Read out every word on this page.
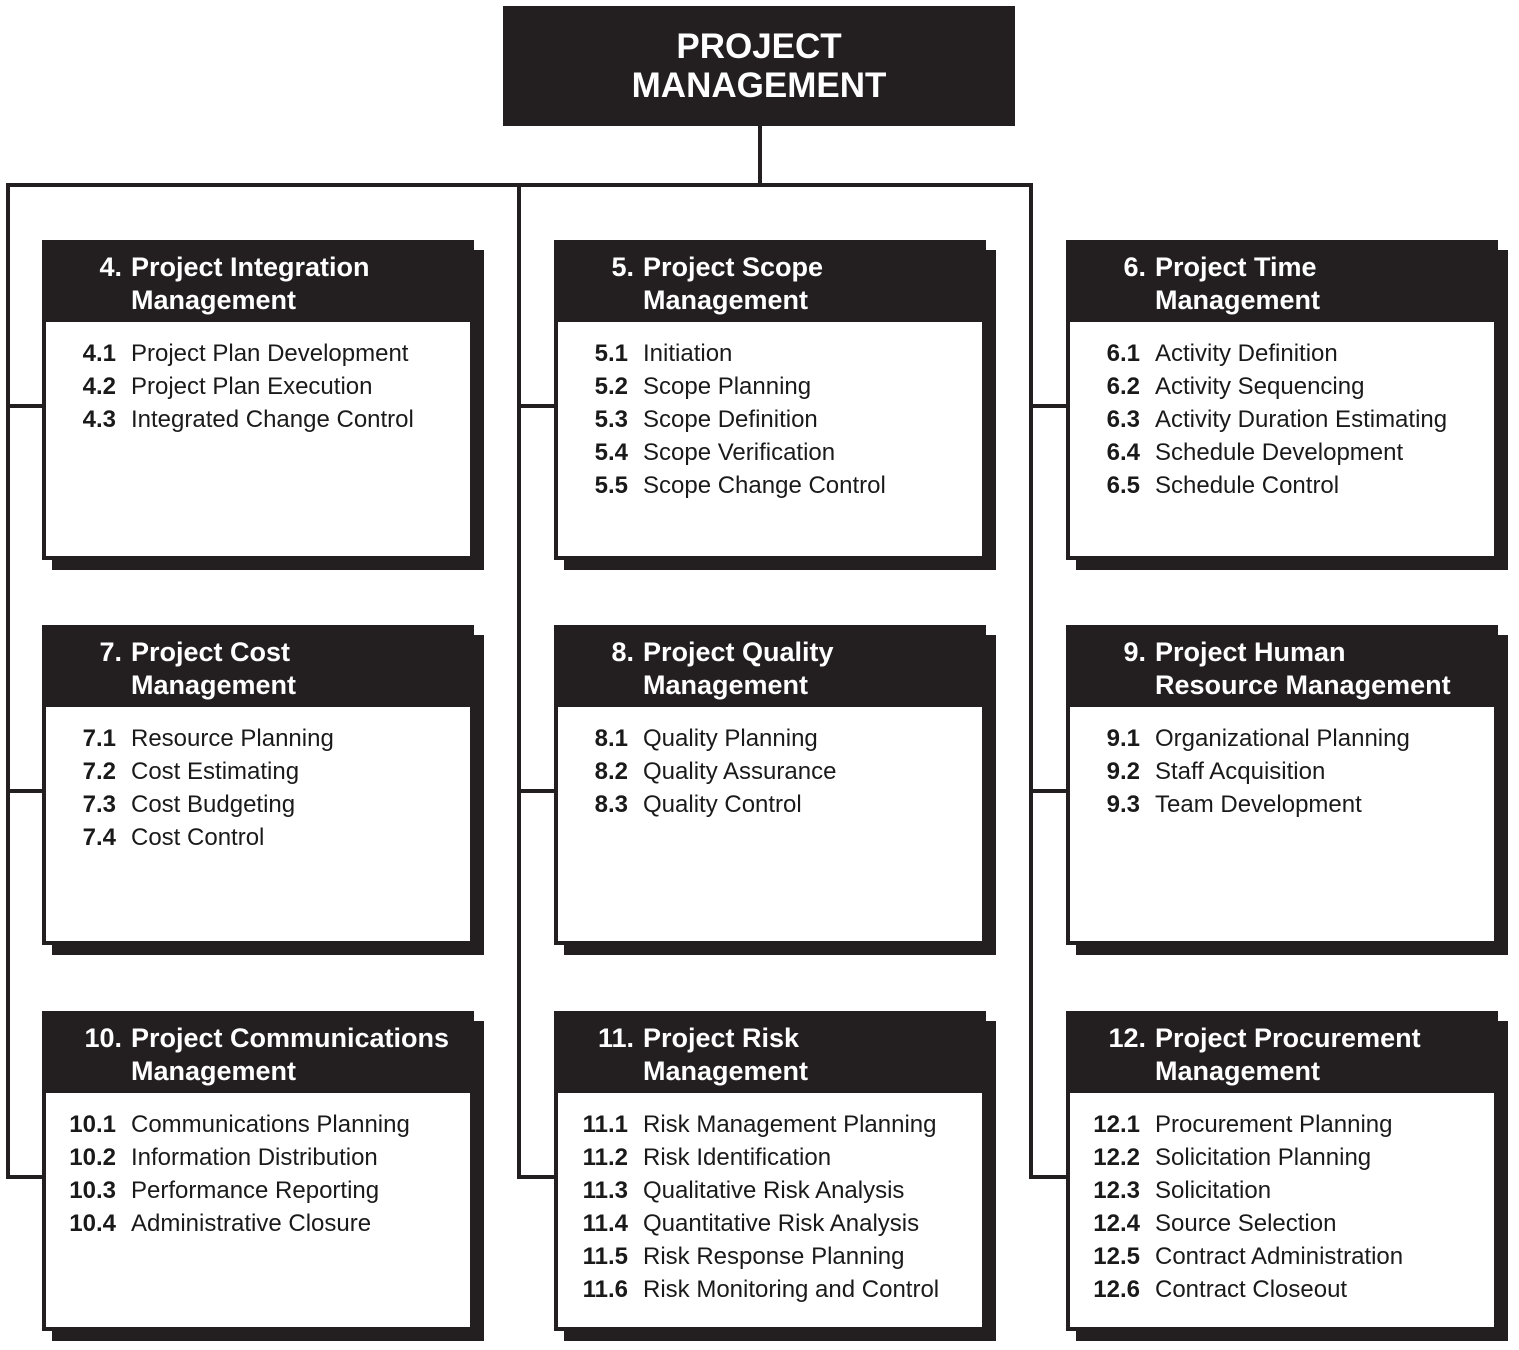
PROJECT
MANAGEMENT
4. Project Integration
Management
4.1 Project Plan Development
4.2 Project Plan Execution
4.3 Integrated Change Control
5. Project Scope
Management
5.1 Initiation
5.2 Scope Planning
5.3 Scope Definition
5.4 Scope Verification
5.5 Scope Change Control
6. Project Time
Management
6.1 Activity Definition
6.2 Activity Sequencing
6.3 Activity Duration Estimating
6.4 Schedule Development
6.5 Schedule Control
7. Project Cost
Management
7.1 Resource Planning
7.2 Cost Estimating
7.3 Cost Budgeting
7.4 Cost Control
8. Project Quality
Management
8.1 Quality Planning
8.2 Quality Assurance
8.3 Quality Control
9. Project Human
Resource Management
9.1 Organizational Planning
9.2 Staff Acquisition
9.3 Team Development
10. Project Communications
Management
10.1 Communications Planning
10.2 Information Distribution
10.3 Performance Reporting
10.4 Administrative Closure
11. Project Risk
Management
11.1 Risk Management Planning
11.2 Risk Identification
11.3 Qualitative Risk Analysis
11.4 Quantitative Risk Analysis
11.5 Risk Response Planning
11.6 Risk Monitoring and Control
12. Project Procurement
Management
12.1 Procurement Planning
12.2 Solicitation Planning
12.3 Solicitation
12.4 Source Selection
12.5 Contract Administration
12.6 Contract Closeout
